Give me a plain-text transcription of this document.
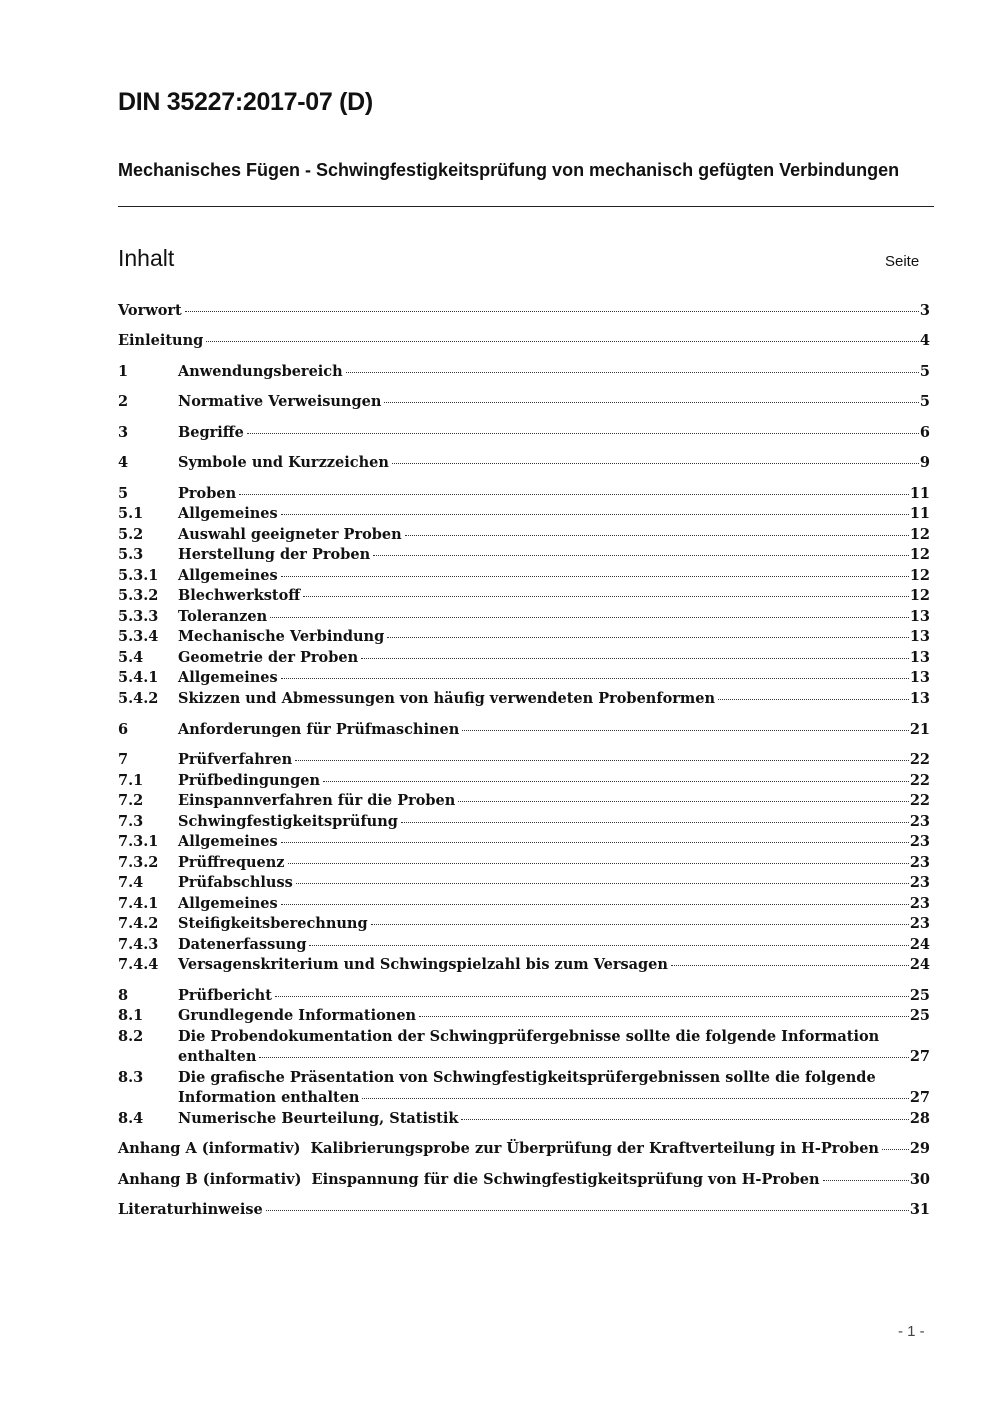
DIN 35227:2017-07 (D)
Mechanisches Fügen - Schwingfestigkeitsprüfung von mechanisch gefügten Verbindungen
Inhalt	Seite
Vorwort	3
Einleitung	4
1	Anwendungsbereich	5
2	Normative Verweisungen	5
3	Begriffe	6
4	Symbole und Kurzzeichen	9
5	Proben	11
5.1	Allgemeines	11
5.2	Auswahl geeigneter Proben	12
5.3	Herstellung der Proben	12
5.3.1	Allgemeines	12
5.3.2	Blechwerkstoff	12
5.3.3	Toleranzen	13
5.3.4	Mechanische Verbindung	13
5.4	Geometrie der Proben	13
5.4.1	Allgemeines	13
5.4.2	Skizzen und Abmessungen von häufig verwendeten Probenformen	13
6	Anforderungen für Prüfmaschinen	21
7	Prüfverfahren	22
7.1	Prüfbedingungen	22
7.2	Einspannverfahren für die Proben	22
7.3	Schwingfestigkeitsprüfung	23
7.3.1	Allgemeines	23
7.3.2	Prüffrequenz	23
7.4	Prüfabschluss	23
7.4.1	Allgemeines	23
7.4.2	Steifigkeitsberechnung	23
7.4.3	Datenerfassung	24
7.4.4	Versagenskriterium und Schwingspielzahl bis zum Versagen	24
8	Prüfbericht	25
8.1	Grundlegende Informationen	25
8.2	Die Probendokumentation der Schwingprüfergebnisse sollte die folgende Information
enthalten	27
8.3	Die grafische Präsentation von Schwingfestigkeitsprüfergebnissen sollte die folgende
Information enthalten	27
8.4	Numerische Beurteilung, Statistik	28
Anhang A (informativ)  Kalibrierungsprobe zur Überprüfung der Kraftverteilung in H-Proben 29
Anhang B (informativ)  Einspannung für die Schwingfestigkeitsprüfung von H-Proben	30
Literaturhinweise	31
- 1 -
